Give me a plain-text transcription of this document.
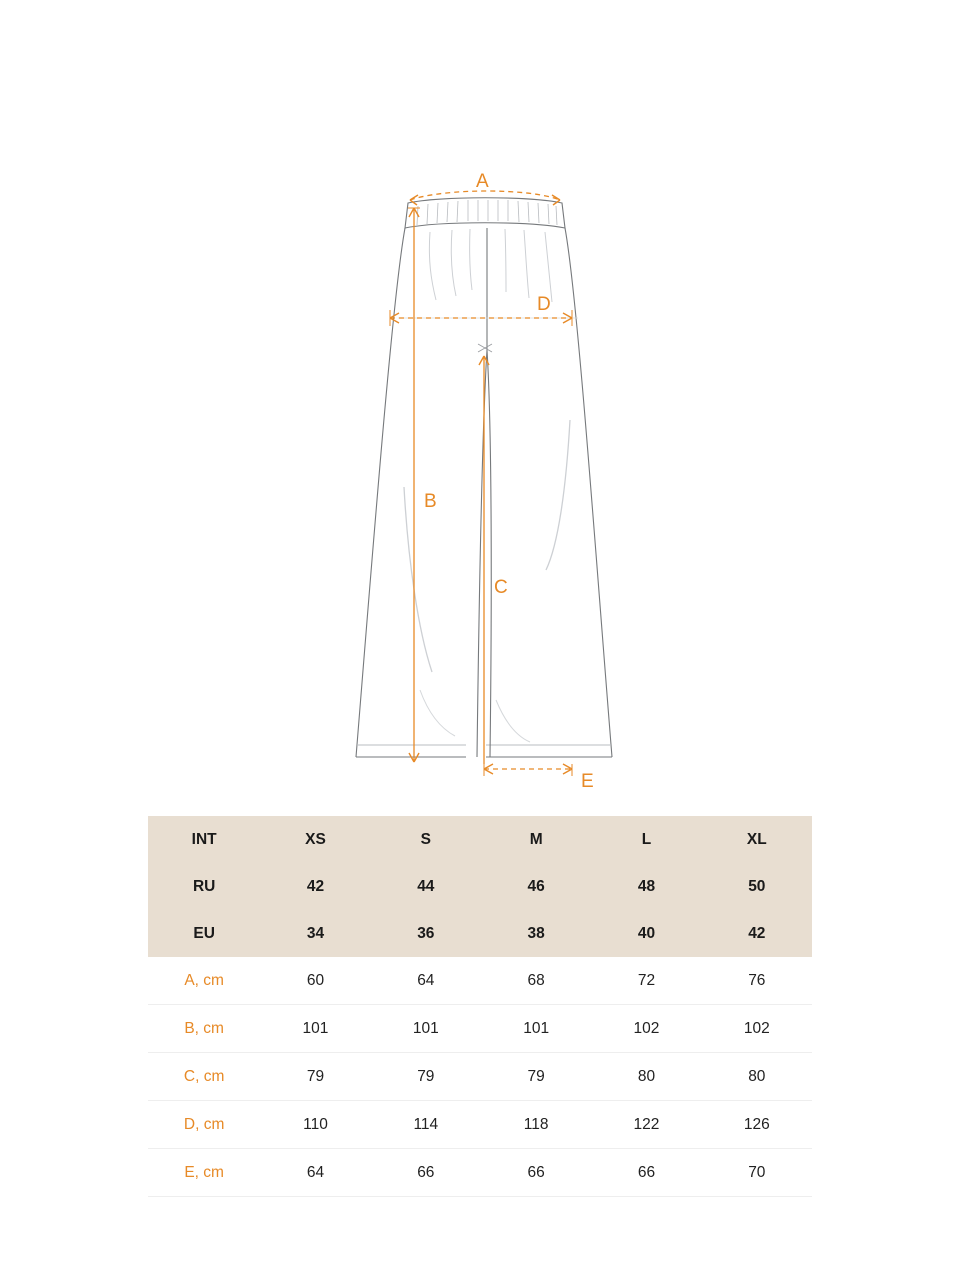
A
D
B
C
E
INT	XS	S	M	L	XL
RU	42	44	46	48	50
EU	34	36	38	40	42
A, cm	60	64	68	72	76
B, cm	101	101	101	102	102
C, cm	79	79	79	80	80
D, cm	110	114	118	122	126
E, cm	64	66	66	66	70
